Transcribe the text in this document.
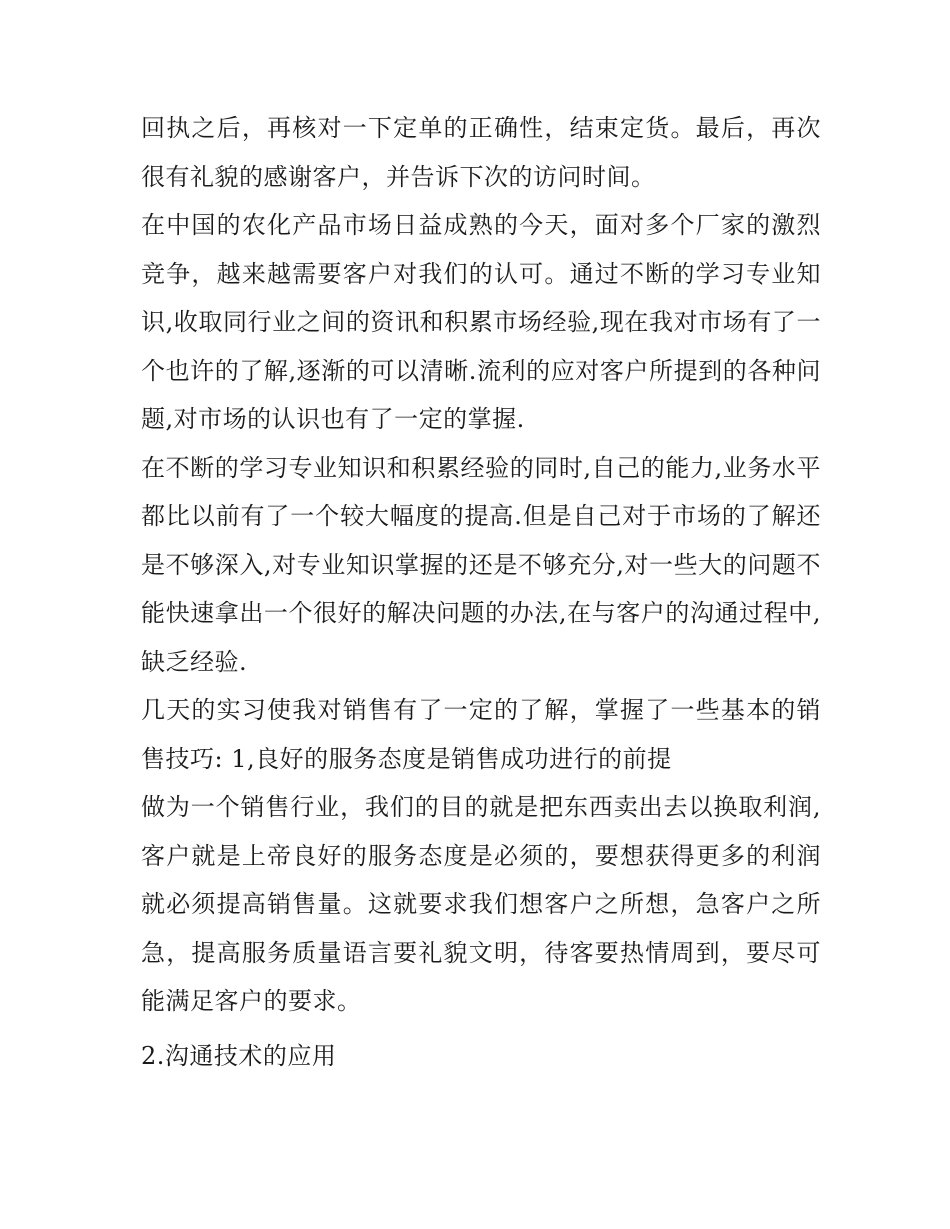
回执之后，再核对一下定单的正确性，结束定货。最后，再次很有礼貌的感谢客户，并告诉下次的访问时间。

在中国的农化产品市场日益成熟的今天，面对多个厂家的激烈竞争，越来越需要客户对我们的认可。通过不断的学习专业知识,收取同行业之间的资讯和积累市场经验,现在我对市场有了一个也许的了解,逐渐的可以清晰.流利的应对客户所提到的各种问题,对市场的认识也有了一定的掌握.

在不断的学习专业知识和积累经验的同时,自己的能力,业务水平都比以前有了一个较大幅度的提高.但是自己对于市场的了解还是不够深入,对专业知识掌握的还是不够充分,对一些大的问题不能快速拿出一个很好的解决问题的办法,在与客户的沟通过程中,缺乏经验.

几天的实习使我对销售有了一定的了解，掌握了一些基本的销售技巧: 1,良好的服务态度是销售成功进行的前提

做为一个销售行业，我们的目的就是把东西卖出去以换取利润,客户就是上帝良好的服务态度是必须的，要想获得更多的利润就必须提高销售量。这就要求我们想客户之所想，急客户之所急，提高服务质量语言要礼貌文明，待客要热情周到，要尽可能满足客户的要求。

2.沟通技术的应用
